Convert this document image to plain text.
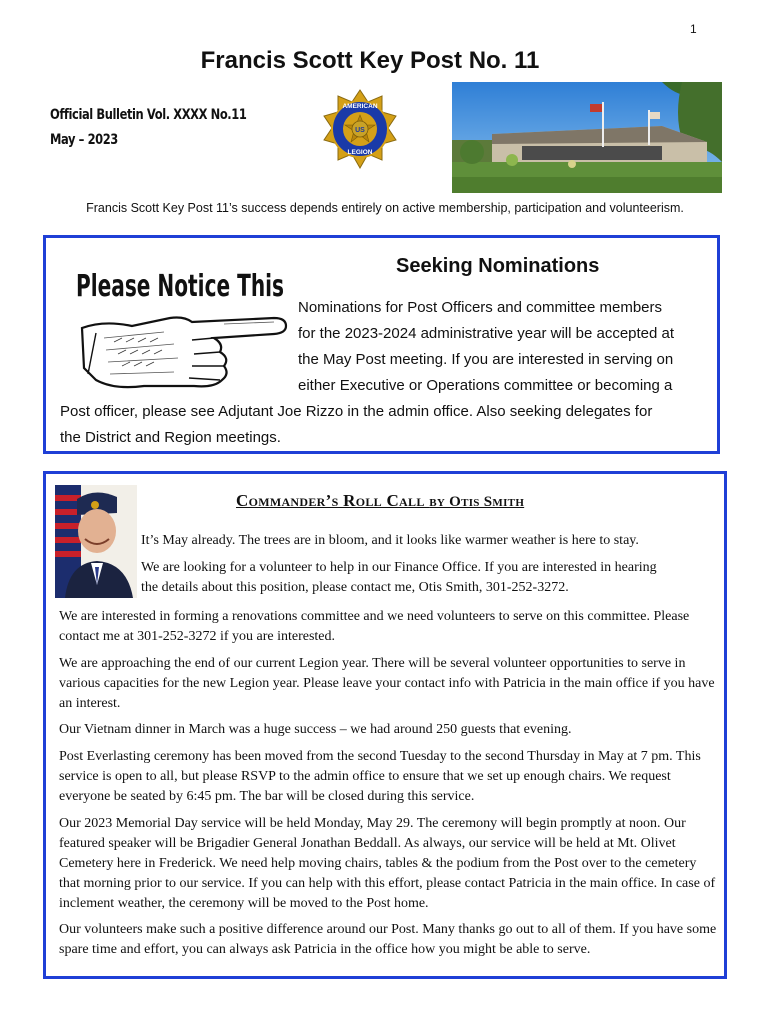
1
Francis Scott Key Post No. 11
Official Bulletin Vol. XXXX No.11
May – 2023
US
AMERICAN
LEGION
Francis Scott Key Post 11’s success depends entirely on active membership, participation and volunteerism.
Please Notice This
Seeking Nominations
Nominations for Post Officers and committee members
for the 2023-2024 administrative year will be accepted at
the May Post meeting. If you are interested in serving on
either Executive or Operations committee or becoming a
Post officer, please see Adjutant Joe Rizzo in the admin office. Also seeking delegates for
the District and Region meetings.
Commander’s Roll Call by Otis Smith
It’s May already. The trees are in bloom, and it looks like warmer weather is here to stay.
We are looking for a volunteer to help in our Finance Office. If you are interested in hearing
the details about this position, please contact me, Otis Smith, 301-252-3272.

We are interested in forming a renovations committee and we need volunteers to serve on this committee. Please contact me at 301-252-3272 if you are interested.

We are approaching the end of our current Legion year. There will be several volunteer opportunities to serve in various capacities for the new Legion year. Please leave your contact info with Patricia in the main office if you have an interest.

Our Vietnam dinner in March was a huge success – we had around 250 guests that evening.

Post Everlasting ceremony has been moved from the second Tuesday to the second Thursday in May at 7 pm. This service is open to all, but please RSVP to the admin office to ensure that we set up enough chairs. We request everyone be seated by 6:45 pm. The bar will be closed during this service.

Our 2023 Memorial Day service will be held Monday, May 29. The ceremony will begin promptly at noon. Our featured speaker will be Brigadier General Jonathan Beddall. As always, our service will be held at Mt. Olivet Cemetery here in Frederick. We need help moving chairs, tables & the podium from the Post over to the cemetery that morning prior to our service. If you can help with this effort, please contact Patricia in the main office. In case of inclement weather, the ceremony will be moved to the Post home.

Our volunteers make such a positive difference around our Post. Many thanks go out to all of them. If you have some spare time and effort, you can always ask Patricia in the office how you might be able to serve.
